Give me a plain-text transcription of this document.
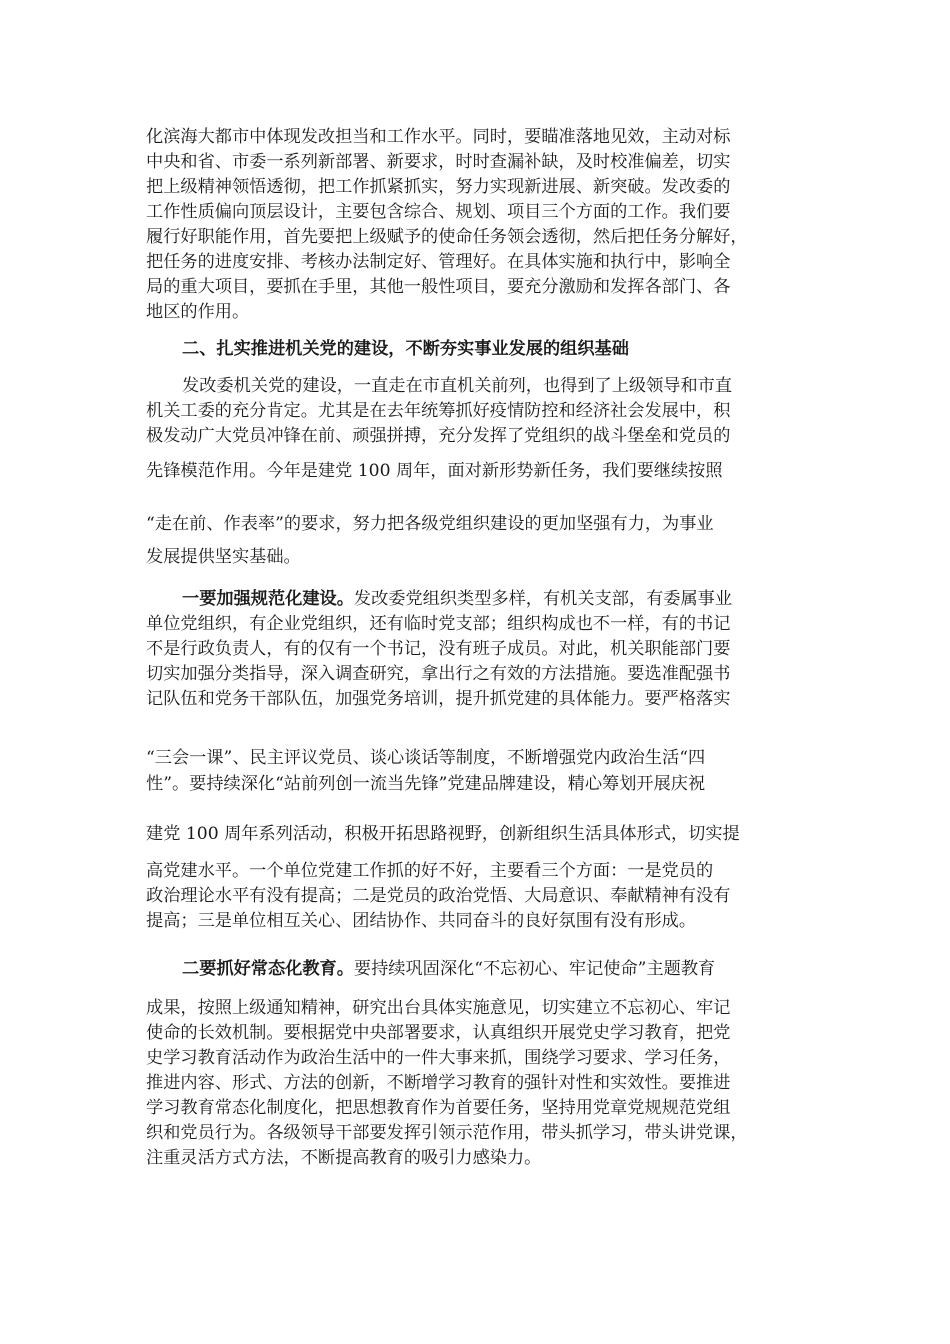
化滨海大都市中体现发改担当和工作水平。同时，要瞄准落地见效，主动对标
中央和省、市委一系列新部署、新要求，时时查漏补缺，及时校准偏差，切实
把上级精神领悟透彻，把工作抓紧抓实，努力实现新进展、新突破。发改委的
工作性质偏向顶层设计，主要包含综合、规划、项目三个方面的工作。我们要
履行好职能作用，首先要把上级赋予的使命任务领会透彻，然后把任务分解好，
把任务的进度安排、考核办法制定好、管理好。在具体实施和执行中，影响全
局的重大项目，要抓在手里，其他一般性项目，要充分激励和发挥各部门、各
地区的作用。
二、扎实推进机关党的建设，不断夯实事业发展的组织基础
发改委机关党的建设，一直走在市直机关前列，也得到了上级领导和市直
机关工委的充分肯定。尤其是在去年统筹抓好疫情防控和经济社会发展中，积
极发动广大党员冲锋在前、顽强拼搏，充分发挥了党组织的战斗堡垒和党员的
先锋模范作用。今年是建党 100 周年，面对新形势新任务，我们要继续按照
“走在前、作表率”的要求，努力把各级党组织建设的更加坚强有力，为事业
发展提供坚实基础。
一要加强规范化建设。发改委党组织类型多样，有机关支部，有委属事业
单位党组织，有企业党组织，还有临时党支部；组织构成也不一样，有的书记
不是行政负责人，有的仅有一个书记，没有班子成员。对此，机关职能部门要
切实加强分类指导，深入调查研究，拿出行之有效的方法措施。要选准配强书
记队伍和党务干部队伍，加强党务培训，提升抓党建的具体能力。要严格落实
“三会一课”、民主评议党员、谈心谈话等制度，不断增强党内政治生活“四
性”。要持续深化“站前列创一流当先锋”党建品牌建设，精心筹划开展庆祝
建党 100 周年系列活动，积极开拓思路视野，创新组织生活具体形式，切实提
高党建水平。一个单位党建工作抓的好不好，主要看三个方面：一是党员的
政治理论水平有没有提高；二是党员的政治党悟、大局意识、奉献精神有没有
提高；三是单位相互关心、团结协作、共同奋斗的良好氛围有没有形成。
二要抓好常态化教育。要持续巩固深化“不忘初心、牢记使命”主题教育
成果，按照上级通知精神，研究出台具体实施意见，切实建立不忘初心、牢记
使命的长效机制。要根据党中央部署要求，认真组织开展党史学习教育，把党
史学习教育活动作为政治生活中的一件大事来抓，围绕学习要求、学习任务，
推进内容、形式、方法的创新，不断增学习教育的强针对性和实效性。要推进
学习教育常态化制度化，把思想教育作为首要任务，坚持用党章党规规范党组
织和党员行为。各级领导干部要发挥引领示范作用，带头抓学习，带头讲党课，
注重灵活方式方法，不断提高教育的吸引力感染力。
